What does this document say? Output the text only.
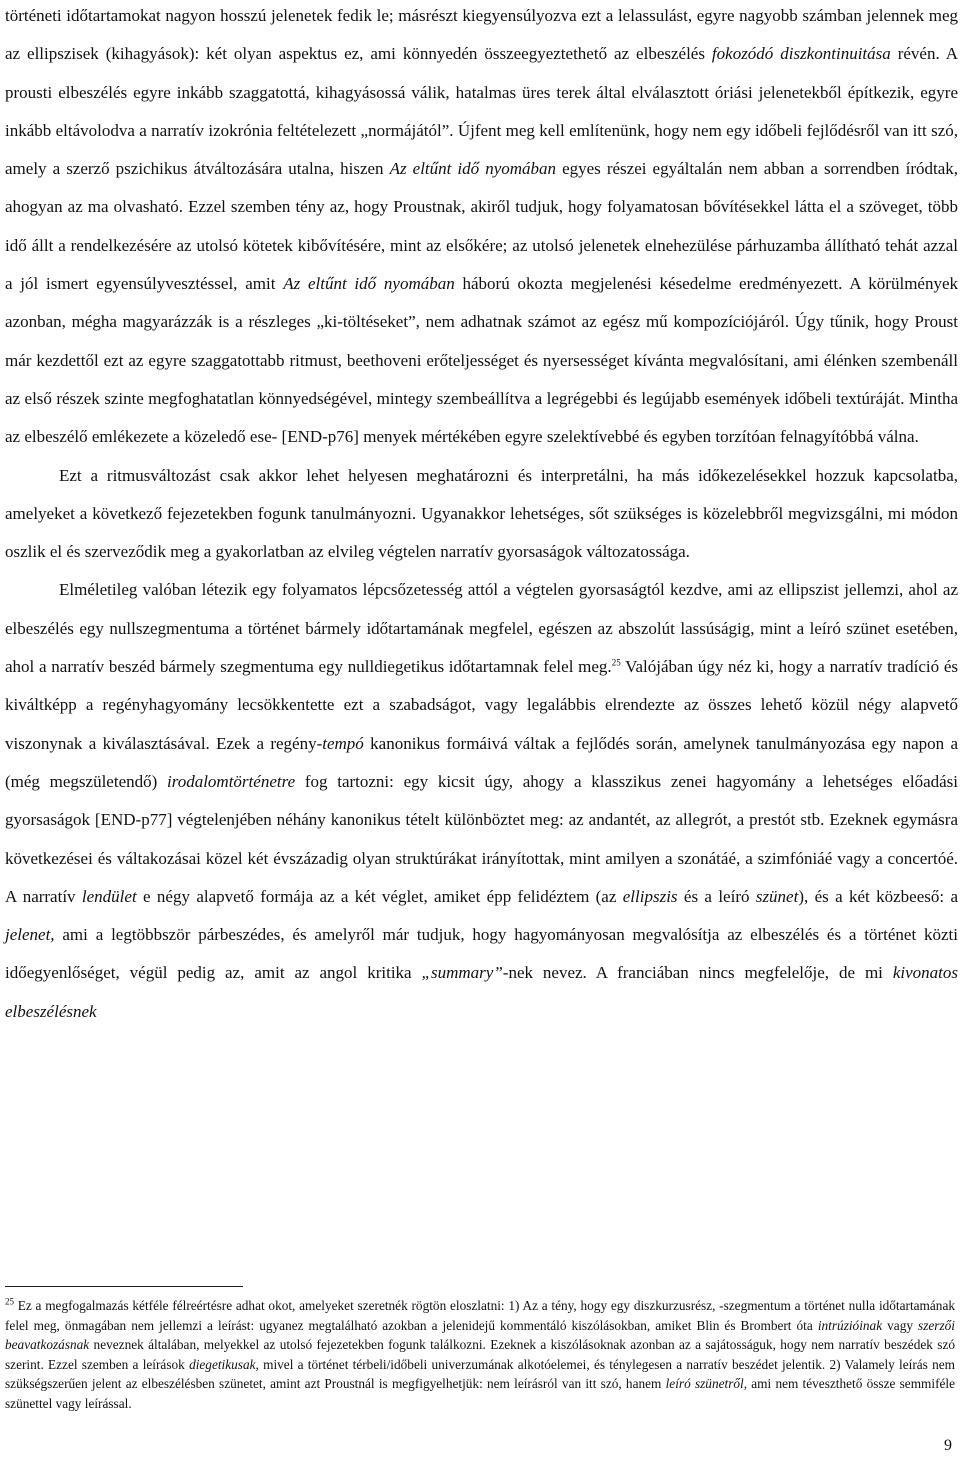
történeti időtartamokat nagyon hosszú jelenetek fedik le; másrészt kiegyensúlyozva ezt a lelassulást, egyre nagyobb számban jelennek meg az ellipszisek (kihagyások): két olyan aspektus ez, ami könnyedén összeegyeztethető az elbeszélés fokozódó diszkontinuitása révén. A prousti elbeszélés egyre inkább szaggatottá, kihagyásossá válik, hatalmas üres terek által elválasztott óriási jelenetekből építkezik, egyre inkább eltávolodva a narratív izokrónia feltételezett „normájától”. Újfent meg kell említenünk, hogy nem egy időbeli fejlődésről van itt szó, amely a szerző pszichikus átváltozására utalna, hiszen Az eltűnt idő nyomában egyes részei egyáltalán nem abban a sorrendben íródtak, ahogyan az ma olvasható. Ezzel szemben tény az, hogy Proustnak, akiről tudjuk, hogy folyamatosan bővítésekkel látta el a szöveget, több idő állt a rendelkezésére az utolsó kötetek kibővítésére, mint az elsőkére; az utolsó jelenetek elnehezülése párhuzamba állítható tehát azzal a jól ismert egyensúlyvesztéssel, amit Az eltűnt idő nyomában háború okozta megjelenési késedelme eredményezett. A körülmények azonban, mégha magyarázzák is a részleges „ki-töltéseket”, nem adhatnak számot az egész mű kompozíciójáról. Úgy tűnik, hogy Proust már kezdettől ezt az egyre szaggatottabb ritmust, beethoveni erőteljességet és nyersességet kívánta megvalósítani, ami élénken szembenáll az első részek szinte megfoghatatlan könnyedségével, mintegy szembeállítva a legrégebbi és legújabb események időbeli textúráját. Mintha az elbeszélő emlékezete a közeledő ese- [END-p76] menyek mértékében egyre szelektívebbé és egyben torzítóan felnagyítóbbá válna.

Ezt a ritmusváltozást csak akkor lehet helyesen meghatározni és interpretálni, ha más időkezelésekkel hozzuk kapcsolatba, amelyeket a következő fejezetekben fogunk tanulmányozni. Ugyanakkor lehetséges, sőt szükséges is közelebbről megvizsgálni, mi módon oszlik el és szerveződik meg a gyakorlatban az elvileg végtelen narratív gyorsaságok változatossága.

Elméletileg valóban létezik egy folyamatos lépcsőzetesség attól a végtelen gyorsaságtól kezdve, ami az ellipszist jellemzi, ahol az elbeszélés egy nullszegmentuma a történet bármely időtartamának megfelel, egészen az abszolút lassúságig, mint a leíró szünet esetében, ahol a narratív beszéd bármely szegmentuma egy nulldiegetikus időtartamnak felel meg.$^{25}$ Valójában úgy néz ki, hogy a narratív tradíció és kiváltképp a regényhagyomány lecsökkentette ezt a szabadságot, vagy legalábbis elrendezte az összes lehető közül négy alapvető viszonynak a kiválasztásával. Ezek a regény-tempó kanonikus formáivá váltak a fejlődés során, amelynek tanulmányozása egy napon a (még megszületendő) irodalomtörténetre fog tartozni: egy kicsit úgy, ahogy a klasszikus zenei hagyomány a lehetséges előadási gyorsaságok [END-p77] végtelenjében néhány kanonikus tételt különböztet meg: az andantét, az allegrót, a prestót stb. Ezeknek egymásra következései és váltakozásai közel két évszázadig olyan struktúrákat irányítottak, mint amilyen a szonátáé, a szimfóniáé vagy a concertóé. A narratív lendület e négy alapvető formája az a két véglet, amiket épp felidéztem (az ellipszis és a leíró szünet), és a két közbeeső: a jelenet, ami a legtöbbször párbeszédes, és amelyről már tudjuk, hogy hagyományosan megvalósítja az elbeszélés és a történet közti időegyenlőséget, végül pedig az, amit az angol kritika „summary”-nek nevez. A franciában nincs megfelelője, de mi kivonatos elbeszélésnek

$^{25}$ Ez a megfogalmazás kétféle félreértésre adhat okot, amelyeket szeretnék rögtön eloszlatni: 1) Az a tény, hogy egy diszkurzusrész, -szegmentum a történet nulla időtartamának felel meg, önmagában nem jellemzi a leírást: ugyanez megtalálható azokban a jelenidejű kommentáló kiszólásokban, amiket Blin és Brombert óta intrúzióinak vagy szerzői beavatkozásnak neveznek általában, melyekkel az utolsó fejezetekben fogunk találkozni. Ezeknek a kiszólásoknak azonban az a sajátosságuk, hogy nem narratív beszédek szó szerint. Ezzel szemben a leírások diegetikusak, mivel a történet térbeli/időbeli univerzumának alkotóelemei, és ténylegesen a narratív beszédet jelentik. 2) Valamely leírás nem szükségszerűen jelent az elbeszélésben szünetet, amint azt Proustnál is megfigyelhetjük: nem leírásról van itt szó, hanem leíró szünetről, ami nem téveszthető össze semmiféle szünettel vagy leírással.

9
